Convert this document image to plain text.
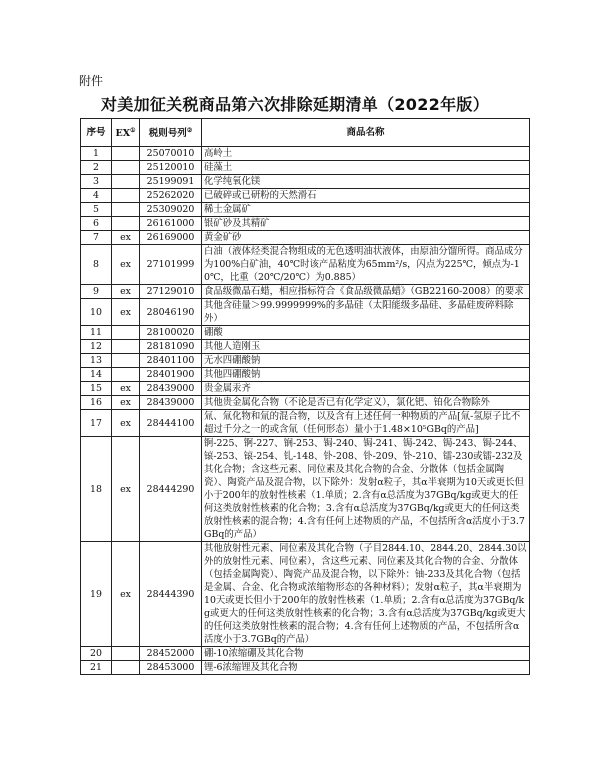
附件
对美加征关税商品第六次排除延期清单（2022年版）
序号	EX①	税则号列②	商品名称
1		25070010	高岭土
2		25120010	硅藻土
3		25199091	化学纯氧化镁
4		25262020	已破碎或已研粉的天然滑石
5		25309020	稀土金属矿
6		26161000	银矿砂及其精矿
7	ex	26169000	黄金矿砂
8	ex	27101999	白油（液体烃类混合物组成的无色透明油状液体，由原油分馏所得。商品成分为100%白矿油，40℃时该产品粘度为65mm²/s，闪点为225℃，倾点为-10℃，比重（20℃/20℃）为0.885）
9	ex	27129010	食品级微晶石蜡，相应指标符合《食品级微晶蜡》（GB22160-2008）的要求
10	ex	28046190	其他含硅量＞99.9999999%的多晶硅（太阳能级多晶硅、多晶硅废碎料除外）
11		28100020	硼酸
12		28181090	其他人造刚玉
13		28401100	无水四硼酸钠
14		28401900	其他四硼酸钠
15	ex	28439000	贵金属汞齐
16	ex	28439000	其他贵金属化合物（不论是否已有化学定义），氯化钯、铂化合物除外
17	ex	28444100	氚、氚化物和氚的混合物，以及含有上述任何一种物质的产品[氚-氢原子比不超过千分之一的或含氚（任何形态）量小于1.48×10⁵GBq的产品]
18	ex	28444290	锕-225、锕-227、锎-253、锔-240、锔-241、锔-242、锔-243、锔-244、锿-253、锿-254、钆-148、钋-208、钋-209、钋-210、镭-230或镭-232及其化合物；含这些元素、同位素及其化合物的合金、分散体（包括金属陶瓷）、陶瓷产品及混合物，以下除外：发射α粒子，其α半衰期为10天或更长但小于200年的放射性核素（1.单质；2.含有α总活度为37GBq/kg或更大的任何这类放射性核素的化合物；3.含有α总活度为37GBq/kg或更大的任何这类放射性核素的混合物；4.含有任何上述物质的产品，不包括所含α活度小于3.7GBq的产品）
19	ex	28444390	其他放射性元素、同位素及其化合物（子目2844.10、2844.20、2844.30以外的放射性元素、同位素），含这些元素、同位素及其化合物的合金、分散体（包括金属陶瓷）、陶瓷产品及混合物，以下除外：铀-233及其化合物（包括是金属、合金、化合物或浓缩物形态的各种材料）；发射α粒子，其α半衰期为10天或更长但小于200年的放射性核素（1.单质；2.含有α总活度为37GBq/kg或更大的任何这类放射性核素的化合物；3.含有α总活度为37GBq/kg或更大的任何这类放射性核素的混合物；4.含有任何上述物质的产品，不包括所含α活度小于3.7GBq的产品）
20		28452000	硼-10浓缩硼及其化合物
21		28453000	锂-6浓缩锂及其化合物
